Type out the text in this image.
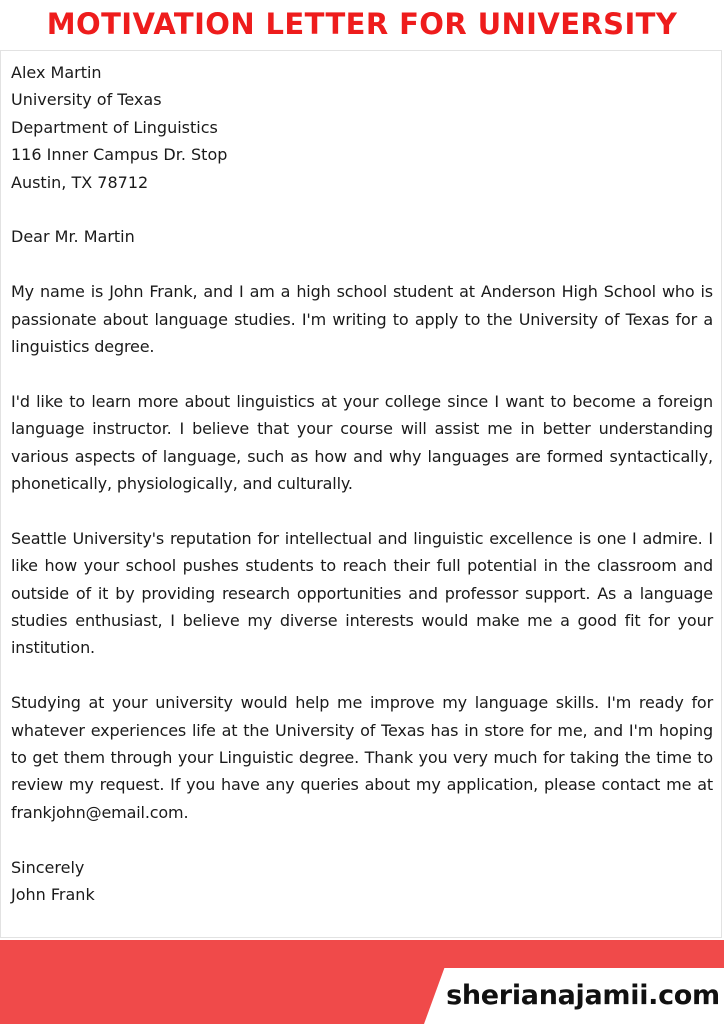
MOTIVATION LETTER FOR UNIVERSITY
Alex Martin
University of Texas
Department of Linguistics
116 Inner Campus Dr. Stop
Austin, TX 78712
Dear Mr. Martin

My name is John Frank, and I am a high school student at Anderson High School who is passionate about language studies. I'm writing to apply to the University of Texas for a linguistics degree.

I'd like to learn more about linguistics at your college since I want to become a foreign language instructor. I believe that your course will assist me in better understanding various aspects of language, such as how and why languages are formed syntactically, phonetically, physiologically, and culturally.

Seattle University's reputation for intellectual and linguistic excellence is one I admire. I like how your school pushes students to reach their full potential in the classroom and outside of it by providing research opportunities and professor support. As a language studies enthusiast, I believe my diverse interests would make me a good fit for your institution.

Studying at your university would help me improve my language skills. I'm ready for whatever experiences life at the University of Texas has in store for me, and I'm hoping to get them through your Linguistic degree. Thank you very much for taking the time to review my request. If you have any queries about my application, please contact me at frankjohn@email.com.

Sincerely
John Frank
sherianajamii.com
